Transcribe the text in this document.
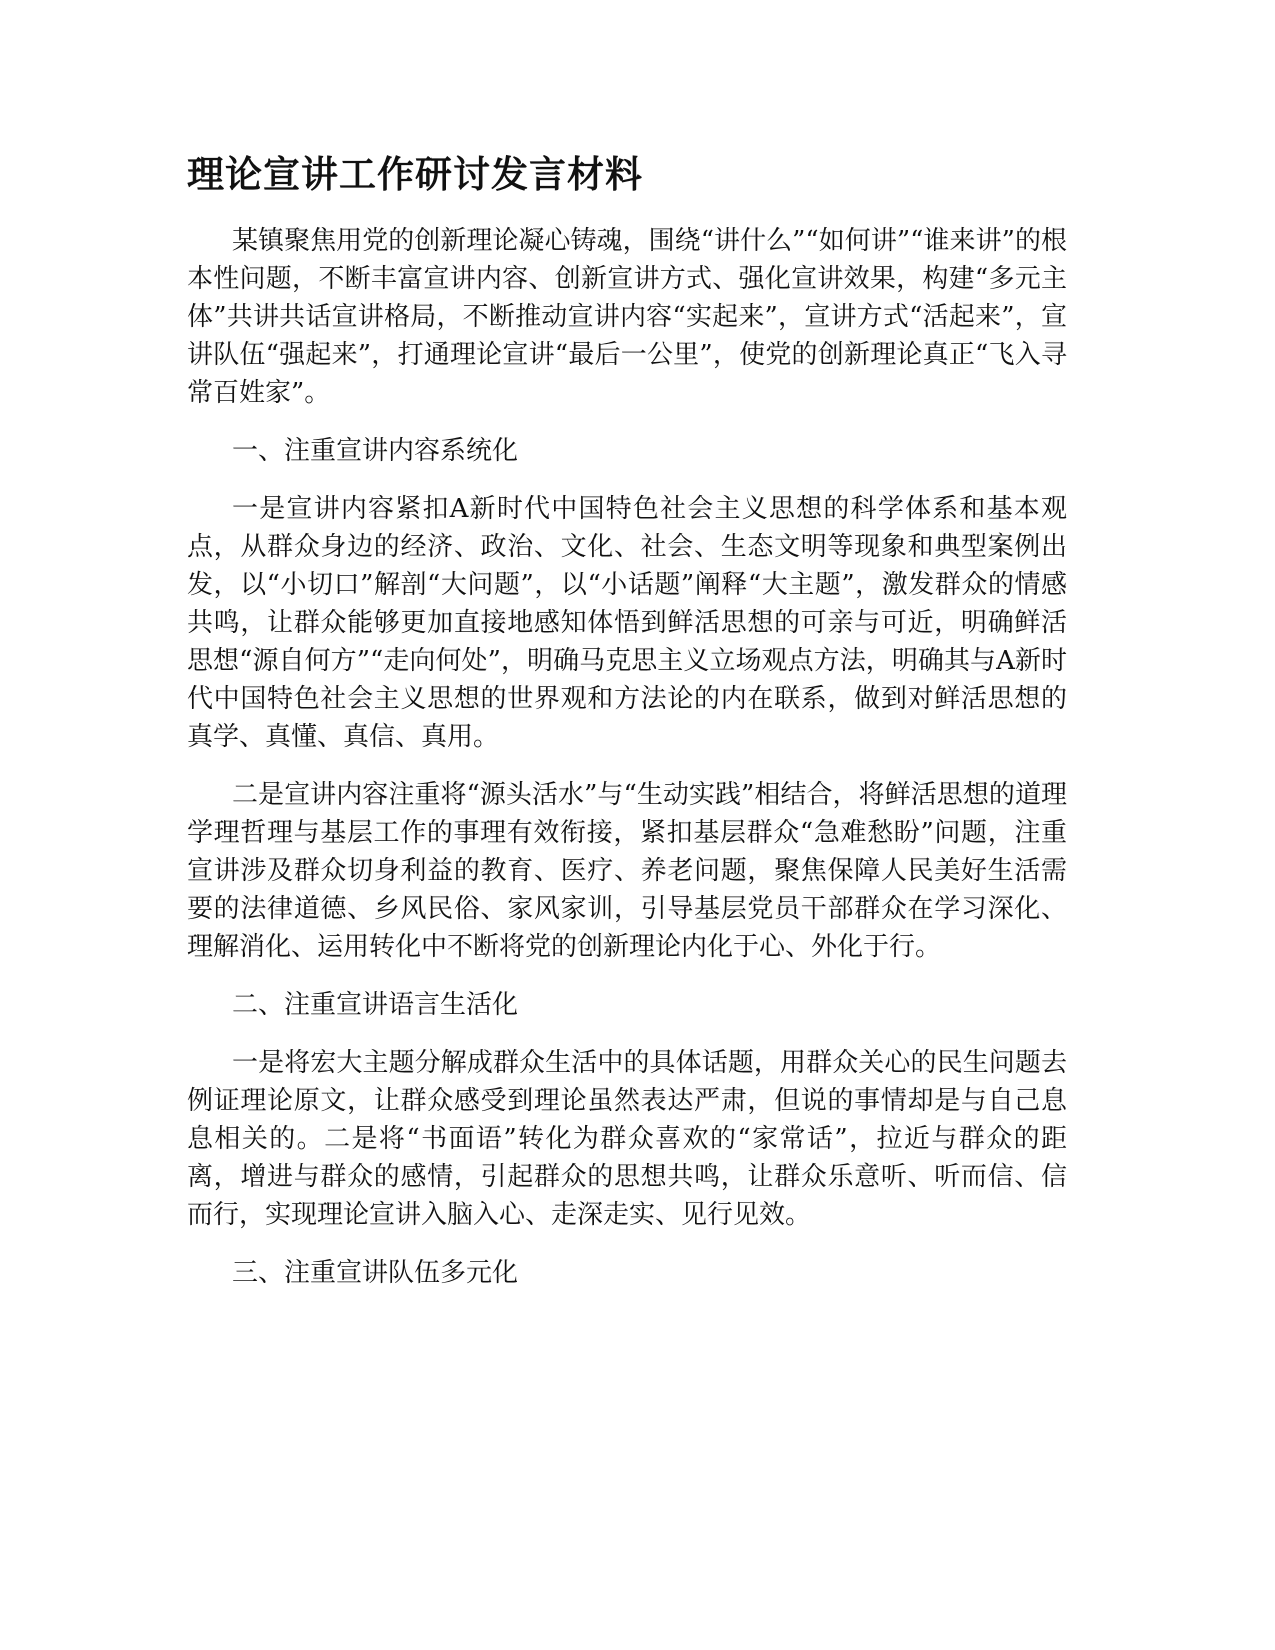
理论宣讲工作研讨发言材料

某镇聚焦用党的创新理论凝心铸魂，围绕“讲什么”“如何讲”“谁来讲”的根本性问题，不断丰富宣讲内容、创新宣讲方式、强化宣讲效果，构建“多元主体”共讲共话宣讲格局，不断推动宣讲内容“实起来”，宣讲方式“活起来”，宣讲队伍“强起来”，打通理论宣讲“最后一公里”，使党的创新理论真正“飞入寻常百姓家”。

一、注重宣讲内容系统化

一是宣讲内容紧扣A新时代中国特色社会主义思想的科学体系和基本观点，从群众身边的经济、政治、文化、社会、生态文明等现象和典型案例出发，以“小切口”解剖“大问题”，以“小话题”阐释“大主题”，激发群众的情感共鸣，让群众能够更加直接地感知体悟到鲜活思想的可亲与可近，明确鲜活思想“源自何方”“走向何处”，明确马克思主义立场观点方法，明确其与A新时代中国特色社会主义思想的世界观和方法论的内在联系，做到对鲜活思想的真学、真懂、真信、真用。

二是宣讲内容注重将“源头活水”与“生动实践”相结合，将鲜活思想的道理学理哲理与基层工作的事理有效衔接，紧扣基层群众“急难愁盼”问题，注重宣讲涉及群众切身利益的教育、医疗、养老问题，聚焦保障人民美好生活需要的法律道德、乡风民俗、家风家训，引导基层党员干部群众在学习深化、理解消化、运用转化中不断将党的创新理论内化于心、外化于行。

二、注重宣讲语言生活化

一是将宏大主题分解成群众生活中的具体话题，用群众关心的民生问题去例证理论原文，让群众感受到理论虽然表达严肃，但说的事情却是与自己息息相关的。二是将“书面语”转化为群众喜欢的“家常话”，拉近与群众的距离，增进与群众的感情，引起群众的思想共鸣，让群众乐意听、听而信、信而行，实现理论宣讲入脑入心、走深走实、见行见效。

三、注重宣讲队伍多元化
